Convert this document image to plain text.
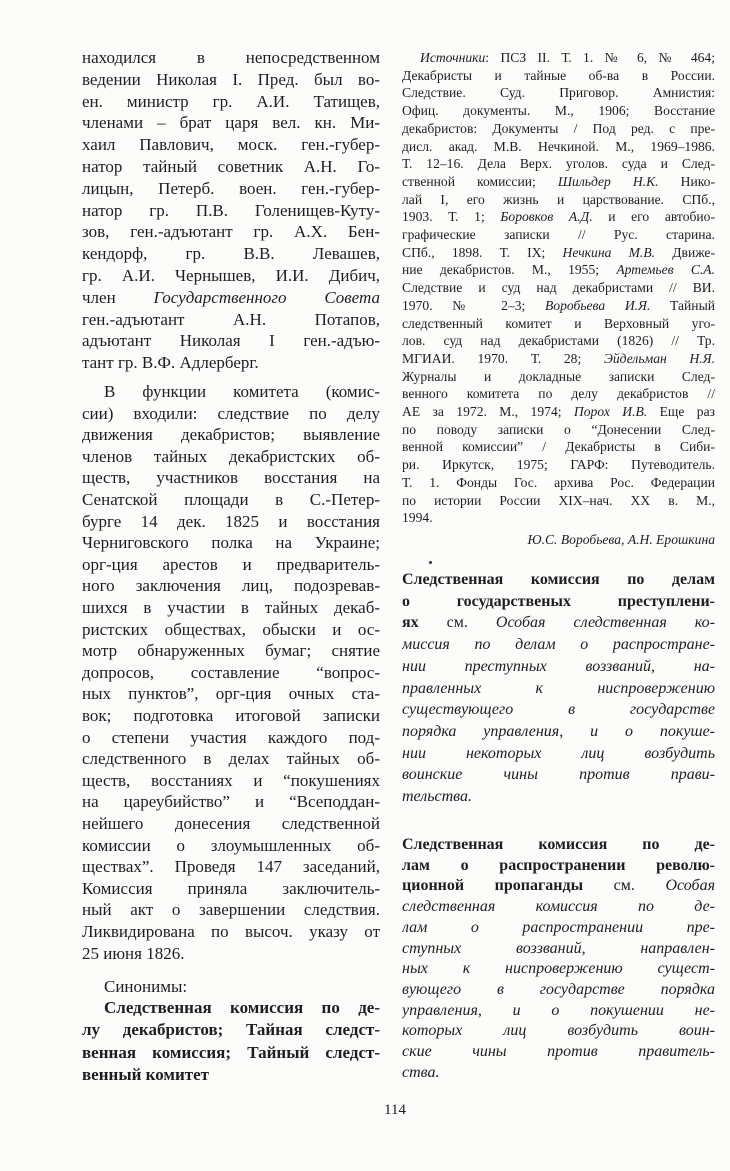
находился в непосредственном
ведении Николая I. Пред. был во-
ен. министр гр. А.И. Татищев,
членами – брат царя вел. кн. Ми-
хаил Павлович, моск. ген.-губер-
натор тайный советник А.Н. Го-
лицын, Петерб. воен. ген.-губер-
натор гр. П.В. Голенищев-Куту-
зов, ген.-адъютант гр. А.Х. Бен-
кендорф, гр. В.В. Левашев,
гр. А.И. Чернышев, И.И. Дибич,
член Государственного Совета
ген.-адъютант А.Н. Потапов,
адъютант Николая I ген.-адъю-
тант гр. В.Ф. Адлерберг.
В функции комитета (комис-
сии) входили: следствие по делу
движения декабристов; выявление
членов тайных декабристских об-
ществ, участников восстания на
Сенатской площади в С.-Петер-
бурге 14 дек. 1825 и восстания
Черниговского полка на Украине;
орг-ция арестов и предваритель-
ного заключения лиц, подозревав-
шихся в участии в тайных декаб-
ристских обществах, обыски и ос-
мотр обнаруженных бумаг; снятие
допросов, составление “вопрос-
ных пунктов”, орг-ция очных ста-
вок; подготовка итоговой записки
о степени участия каждого под-
следственного в делах тайных об-
ществ, восстаниях и “покушениях
на цареубийство” и “Всеподдан-
нейшего донесения следственной
комиссии о злоумышленных об-
ществах”. Проведя 147 заседаний,
Комиссия приняла заключитель-
ный акт о завершении следствия.
Ликвидирована по высоч. указу от
25 июня 1826.
Синонимы:
Следственная комиссия по де-
лу декабристов; Тайная следст-
венная комиссия; Тайный следст-
венный комитет
Источники: ПСЗ II. Т. 1. № 6, № 464;
Декабристы и тайные об-ва в России.
Следствие. Суд. Приговор. Амнистия:
Офиц. документы. М., 1906; Восстание
декабристов: Документы / Под ред. с пре-
дисл. акад. М.В. Нечкиной. М., 1969–1986.
Т. 12–16. Дела Верх. уголов. суда и След-
ственной комиссии; Шильдер Н.К. Нико-
лай I, его жизнь и царствование. СПб.,
1903. Т. 1; Боровков А.Д. и его автобио-
графические записки // Рус. старина.
СПб., 1898. Т. IX; Нечкина М.В. Движе-
ние декабристов. М., 1955; Артемьев С.А.
Следствие и суд над декабристами // ВИ.
1970. № 2–3; Воробьева И.Я. Тайный
следственный комитет и Верховный уго-
лов. суд над декабристами (1826) // Тр.
МГИАИ. 1970. Т. 28; Эйдельман Н.Я.
Журналы и докладные записки След-
венного комитета по делу декабристов //
АЕ за 1972. М., 1974; Порох И.В. Еще раз
по поводу записки о “Донесении След-
венной комиссии” / Декабристы в Сиби-
ри. Иркутск, 1975; ГАРФ: Путеводитель.
Т. 1. Фонды Гос. архива Рос. Федерации
по истории России XIX–нач. XX в. М.,
1994.
Ю.С. Воробьева, А.Н. Ерошкина
Следственная комиссия по делам
о государственых преступлени-
ях см. Особая следственная ко-
миссия по делам о распростране-
нии преступных воззваний, на-
правленных к ниспровержению
существующего в государстве
порядка управления, и о покуше-
нии некоторых лиц возбудить
воинские чины против прави-
тельства.
Следственная комиссия по де-
лам о распространении револю-
ционной пропаганды см. Особая
следственная комиссия по де-
лам о распространении пре-
ступных воззваний, направлен-
ных к ниспровержению сущест-
вующего в государстве порядка
управления, и о покушении не-
которых лиц возбудить воин-
ские чины против правитель-
ства.
114
